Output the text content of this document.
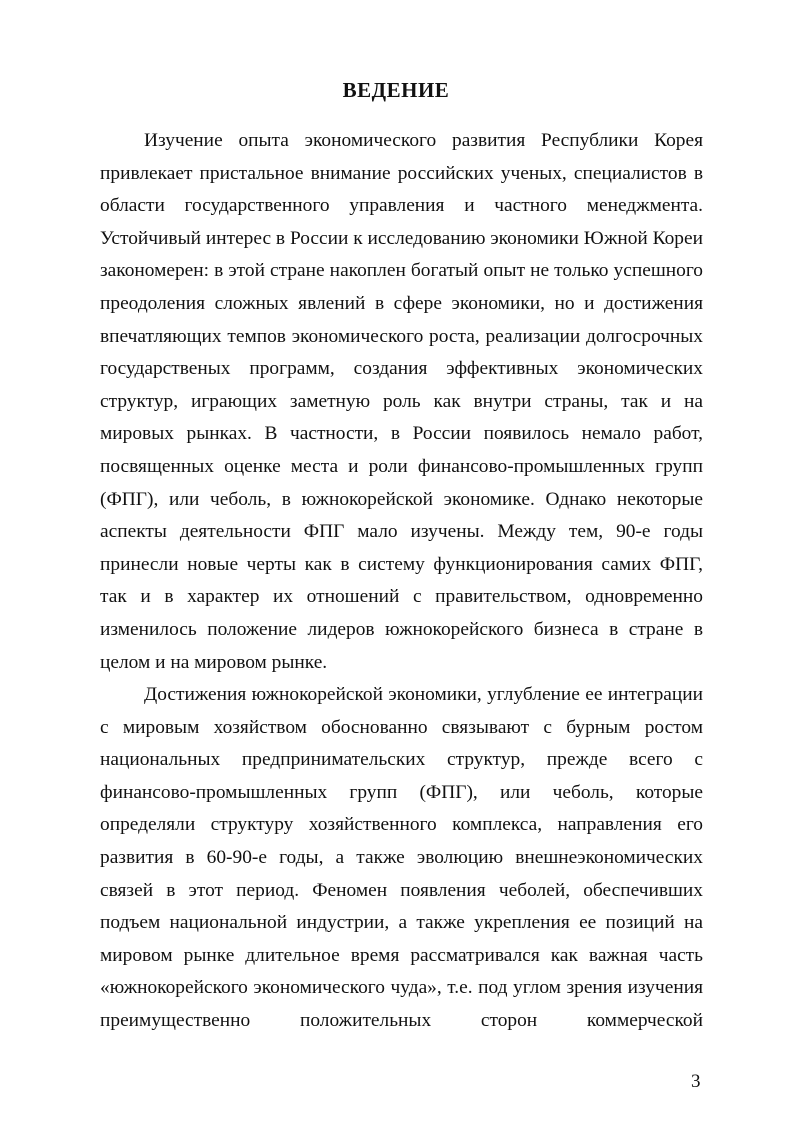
ВЕДЕНИЕ

Изучение опыта экономического развития Республики Корея привлекает пристальное внимание российских ученых, специалистов в области государственного управления и частного менеджмента. Устойчивый интерес в России к исследованию экономики Южной Кореи закономерен: в этой стране накоплен богатый опыт не только успешного преодоления сложных явлений в сфере экономики, но и достижения впечатляющих темпов экономического роста, реализации долгосрочных государственых программ, создания эффективных экономических структур, играющих заметную роль как внутри страны, так и на мировых рынках. В частности, в России появилось немало работ, посвященных оценке места и роли финансово-промышленных групп (ФПГ), или чеболь, в южнокорейской экономике. Однако некоторые аспекты деятельности ФПГ мало изучены. Между тем, 90-е годы принесли новые черты как в систему функционирования самих ФПГ, так и в характер их отношений с правительством, одновременно изменилось положение лидеров южнокорейского бизнеса в стране в целом и на мировом рынке.

Достижения южнокорейской экономики, углубление ее интеграции с мировым хозяйством обоснованно связывают с бурным ростом национальных предпринимательских структур, прежде всего с финансово-промышленных групп (ФПГ), или чеболь, которые определяли структуру хозяйственного комплекса, направления его развития в 60-90-е годы, а также эволюцию внешнеэкономических связей в этот период. Феномен появления чеболей, обеспечивших подъем национальной индустрии, а также укрепления ее позиций на мировом рынке длительное время рассматривался как важная часть «южнокорейского экономического чуда», т.е. под углом зрения изучения преимущественно положительных сторон коммерческой

3
